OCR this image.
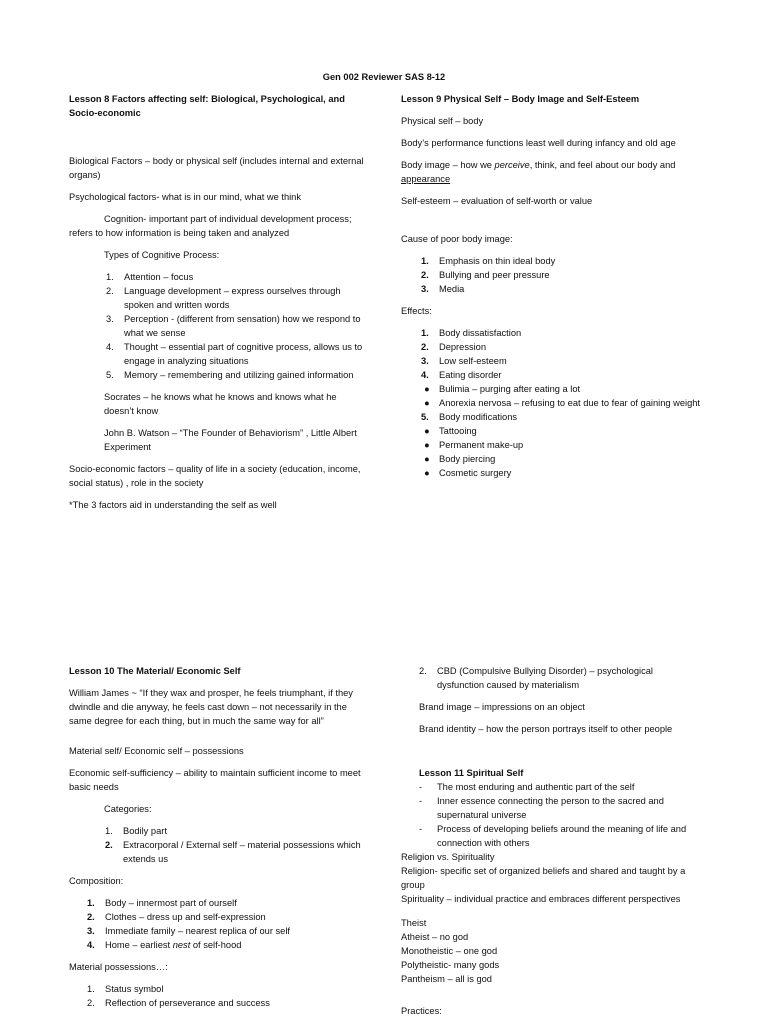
Gen 002 Reviewer SAS 8-12

Lesson 8 Factors affecting self: Biological, Psychological, and Socio-economic

Biological Factors – body or physical self (includes internal and external organs)

Psychological factors- what is in our mind, what we think

Cognition- important part of individual development process; refers to how information is being taken and analyzed

Types of Cognitive Process:

1. Attention – focus
2. Language development – express ourselves through spoken and written words
3. Perception - (different from sensation) how we respond to what we sense
4. Thought – essential part of cognitive process, allows us to engage in analyzing situations
5. Memory – remembering and utilizing gained information

Socrates – he knows what he knows and knows what he doesn’t know

John B. Watson – “The Founder of Behaviorism” , Little Albert Experiment

Socio-economic factors – quality of life in a society (education, income, social status) , role in the society

*The 3 factors aid in understanding the self as well

Lesson 9 Physical Self – Body Image and Self-Esteem

Physical self – body

Body’s performance functions least well during infancy and old age

Body image – how we perceive, think, and feel about our body and appearance

Self-esteem – evaluation of self-worth or value

Cause of poor body image:

1. Emphasis on thin ideal body
2. Bullying and peer pressure
3. Media

Effects:

1. Body dissatisfaction
2. Depression
3. Low self-esteem
4. Eating disorder
● Bulimia – purging after eating a lot
● Anorexia nervosa – refusing to eat due to fear of gaining weight
5. Body modifications
● Tattooing
● Permanent make-up
● Body piercing
● Cosmetic surgery

Lesson 10 The Material/ Economic Self

William James ~ “If they wax and prosper, he feels triumphant, if they dwindle and die anyway, he feels cast down – not necessarily in the same degree for each thing, but in much the same way for all”

Material self/ Economic self – possessions

Economic self-sufficiency – ability to maintain sufficient income to meet basic needs

Categories:

1. Bodily part
2. Extracorporal / External self – material possessions which extends us

Composition:

1. Body – innermost part of ourself
2. Clothes – dress up and self-expression
3. Immediate family – nearest replica of our self
4. Home – earliest nest of self-hood

Material possessions…:

1. Status symbol
2. Reflection of perseverance and success
2. CBD (Compulsive Bullying Disorder) – psychological dysfunction caused by materialism

Brand image – impressions on an object

Brand identity – how the person portrays itself to other people

Lesson 11 Spiritual Self

- The most enduring and authentic part of the self
- Inner essence connecting the person to the sacred and supernatural universe
- Process of developing beliefs around the meaning of life and connection with others

Religion vs. Spirituality

Religion- specific set of organized beliefs and shared and taught by a group

Spirituality – individual practice and embraces different perspectives

Theist

Atheist – no god

Monotheistic – one god

Polytheistic- many gods

Pantheism – all is god

Practices:
